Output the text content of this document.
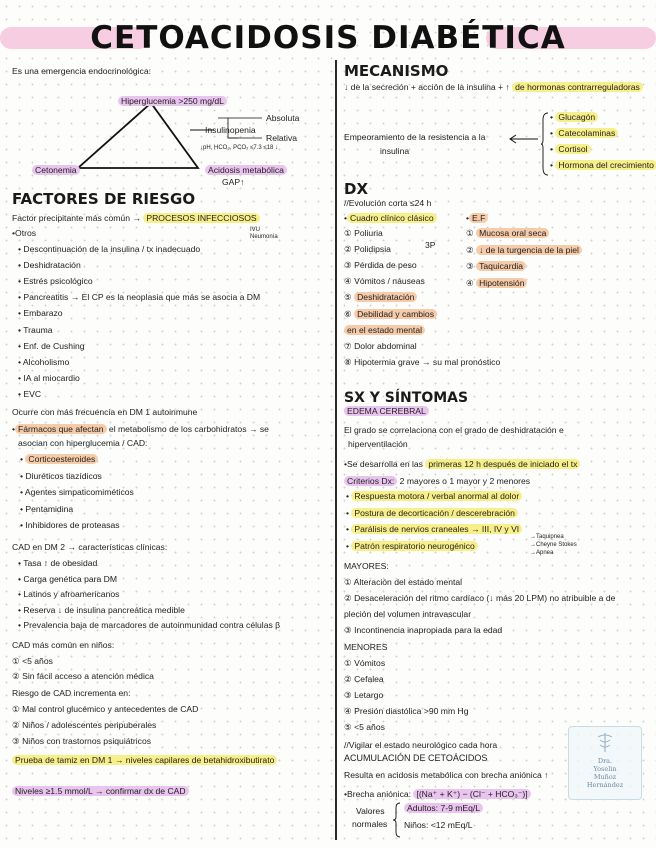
CETOACIDOSIS DIABÉTICA
Es una emergencia endocrinológica:
Hiperglucemia >250 mg/dL
Cetonemia	Acidosis metabólica
GAP↑
Insulinopenia
Absoluta
Relativa
↓pH, HCO₃, PCO₂ ≤7.3 ≤18 ↓
FACTORES DE RIESGO
Factor precipitante más común → PROCESOS INFECCIOSOS
IVU
Neumonía
•Otros
• Descontinuación de la insulina / tx inadecuado
• Deshidratación
• Estrés psicológico
• Pancreatitis → El CP es la neoplasia que más se asocia a DM
• Embarazo
• Trauma
• Enf. de Cushing
• Alcoholismo
• IA al miocardio
• EVC
Ocurre con más frecuencia en DM 1 autoinmune
• Fármacos que afectan el metabolismo de los carbohidratos → se
asocian con hiperglucemia / CAD:
• Corticoesteroides
• Diuréticos tiazídicos
• Agentes simpaticomiméticos
• Pentamidina
• Inhibidores de proteasas
CAD en DM 2 → características clínicas:
• Tasa ↑ de obesidad
• Carga genética para DM
• Latinos y afroamericanos
• Reserva ↓ de insulina pancreática medible
• Prevalencia baja de marcadores de autoinmunidad contra células β
CAD más común en niños:
① <5 años
② Sin fácil acceso a atención médica
Riesgo de CAD incrementa en:
① Mal control glucémico y antecedentes de CAD
② Niños / adolescentes peripuberales
③ Niños con trastornos psiquiátricos
Prueba de tamiz en DM 1 → niveles capilares de betahidroxibutirato
Niveles ≥1.5 mmol/L → confirmar dx de CAD
MECANISMO
↓ de la secreción + acción de la insulina + ↑ de hormonas contrarreguladoras
Empeoramiento de la resistencia a la
insulina
• Glucagón
• Catecolaminas
• Cortisol
• Hormona del crecimiento
DX
//Evolución corta ≤24 h
• Cuadro clínico clásico	• E.F
3P
① Poliuria
② Polidipsia
③ Pérdida de peso
④ Vómitos / náuseas
⑤ Deshidratación
⑥ Debilidad y cambios
en el estado mental
⑦ Dolor abdominal
⑧ Hipotermia grave → su mal pronóstico
① Mucosa oral seca
② ↓ de la turgencia de la piel
③ Taquicardia
④ Hipotensión
SX Y SÍNTOMAS
EDEMA CEREBRAL
El grado se correlaciona con el grado de deshidratación e
hiperventilación
•Se desarrolla en las primeras 12 h después de iniciado el tx
Criterios Dx: 2 mayores o 1 mayor y 2 menores
• Respuesta motora / verbal anormal al dolor
• Postura de decorticación / descerebración
• Parálisis de nervios craneales → III, IV y VI
• Patrón respiratorio neurogénico
→Taquipnea
→Cheyne Stokes
→Apnea
MAYORES:
① Alteración del estado mental
② Desaceleración del ritmo cardíaco (↓ más 20 LPM) no atribuible a de
pleción del volumen intravascular
③ Incontinencia inapropiada para la edad
MENORES
① Vómitos
② Cefalea
③ Letargo
④ Presión diastólica >90 mm Hg
⑤ <5 años
//Vigilar el estado neurológico cada hora
ACUMULACIÓN DE CETOÁCIDOS
Resulta en acidosis metabólica con brecha aniónica ↑
•Brecha aniónica: [(Na⁺ + K⁺) − (Cl⁻ + HCO₃⁻)]
Valores
normales
Adultos: 7-9 mEq/L
Niños: <12 mEq/L
Dra.
Yoselin
Muñoz
Hernández
